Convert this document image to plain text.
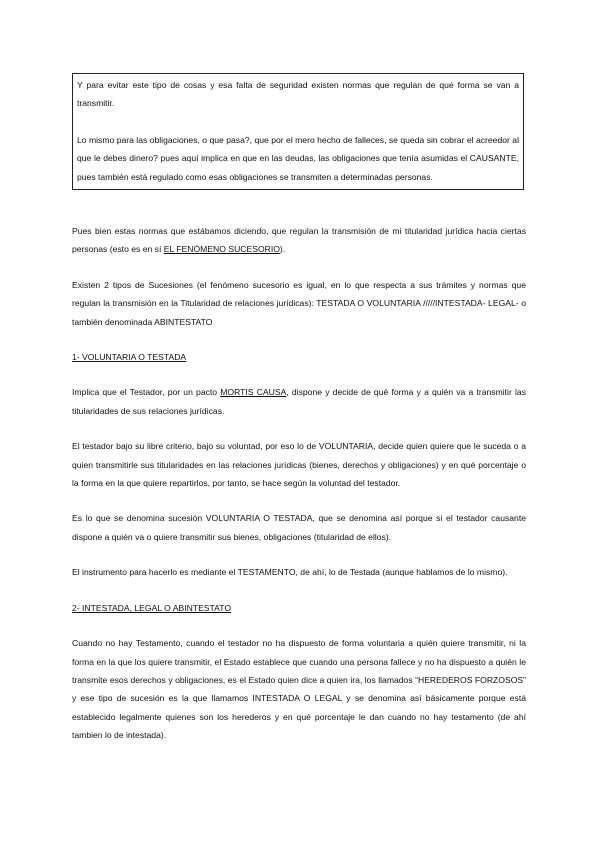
Y para evitar este tipo de cosas y esa falta de seguridad existen normas que regulan de qué forma se van a transmitir.

Lo mismo para las obligaciones, o que pasa?, que por el mero hecho de falleces, se queda sin cobrar el acreedor al que le debes dinero? pues aquí implica en que en las deudas, las obligaciones que tenía asumidas el CAUSANTE, pues también está regulado como esas obligaciones se transmiten a determinadas personas.

Pues bien estas normas que estábamos diciendo, que regulan la transmisión de mi titularidad jurídica hacia ciertas personas (esto es en sí EL FENÓMENO SUCESORIO).

Existen 2 tipos de Sucesiones (el fenómeno sucesorio es igual, en lo que respecta a sus trámites y normas que regulan la transmisión en la Titularidad de relaciones jurídicas): TESTADA O VOLUNTARIA /////INTESTADA- LEGAL- o también denominada ABINTESTATO

1- VOLUNTARIA O TESTADA

Implica que el Testador, por un pacto MORTIS CAUSA, dispone y decide de qué forma y a quién va a transmitir las titularidades de sus relaciones jurídicas.

El testador bajo su libre criterio, bajo su voluntad, por eso lo de VOLUNTARIA, decide quien quiere que le suceda o a quien transmitirle sus titularidades en las relaciones jurídicas (bienes, derechos y obligaciones) y en qué porcentaje o la forma en la que quiere repartirlos, por tanto, se hace según la voluntad del testador.

Es lo que se denomina sucesión VOLUNTARIA O TESTADA, que se denomina así porque si el testador causante dispone a quién va o quiere transmitir sus bienes, obligaciones (titularidad de ellos).

El instrumento para hacerlo es mediante el TESTAMENTO, de ahí, lo de Testada (aunque hablamos de lo mismo).

2- INTESTADA, LEGAL O ABINTESTATO

Cuando no hay Testamento, cuando el testador no ha dispuesto de forma voluntaria a quién quiere transmitir, ni la forma en la que los quiere transmitir, el Estado establece que cuando una persona fallece y no ha dispuesto a quién le transmite esos derechos y obligaciones, es el Estado quien dice a quien ira, los llamados “HEREDEROS FORZOSOS” y ese tipo de sucesión es la que llamamos INTESTADA O LEGAL y se denomina así básicamente porque está establecido legalmente quienes son los herederos y en qué porcentaje le dan cuando no hay testamento (de ahí tambien lo de intestada).
